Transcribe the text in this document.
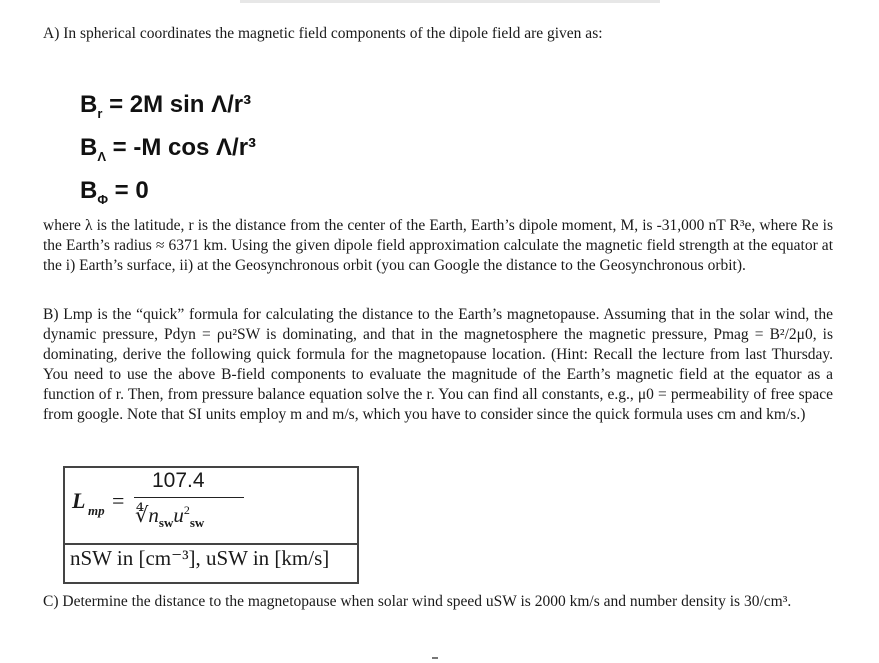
A) In spherical coordinates the magnetic field components of the dipole field are given as:
$B_r = 2M$ sin Λ/r³
$B_\Lambda = -M$ cos Λ/r³
$B_\Phi = 0$
where λ is the latitude, r is the distance from the center of the Earth, Earth’s dipole moment, M, is -31,000 nT R³e, where Re is the Earth’s radius ≈ 6371 km. Using the given dipole field approximation calculate the magnetic field strength at the equator at the i) Earth’s surface, ii) at the Geosynchronous orbit (you can Google the distance to the Geosynchronous orbit).
B) Lmp is the “quick” formula for calculating the distance to the Earth’s magnetopause. Assuming that in the solar wind, the dynamic pressure, Pdyn = ρu²SW is dominating, and that in the magnetosphere the magnetic pressure, Pmag = B²/2μ0, is dominating, derive the following quick formula for the magnetopause location. (Hint: Recall the lecture from last Thursday. You need to use the above B-field components to evaluate the magnitude of the Earth’s magnetic field at the equator as a function of r. Then, from pressure balance equation solve the r. You can find all constants, e.g., μ0 = permeability of free space from google. Note that SI units employ m and m/s, which you have to consider since the quick formula uses cm and km/s.)
L mp =
107.4
$∜n_{sw}u^2_{sw}$
nSW in [cm⁻³], uSW in [km/s]
C) Determine the distance to the magnetopause when solar wind speed uSW is 2000 km/s and number density is 30/cm³.
